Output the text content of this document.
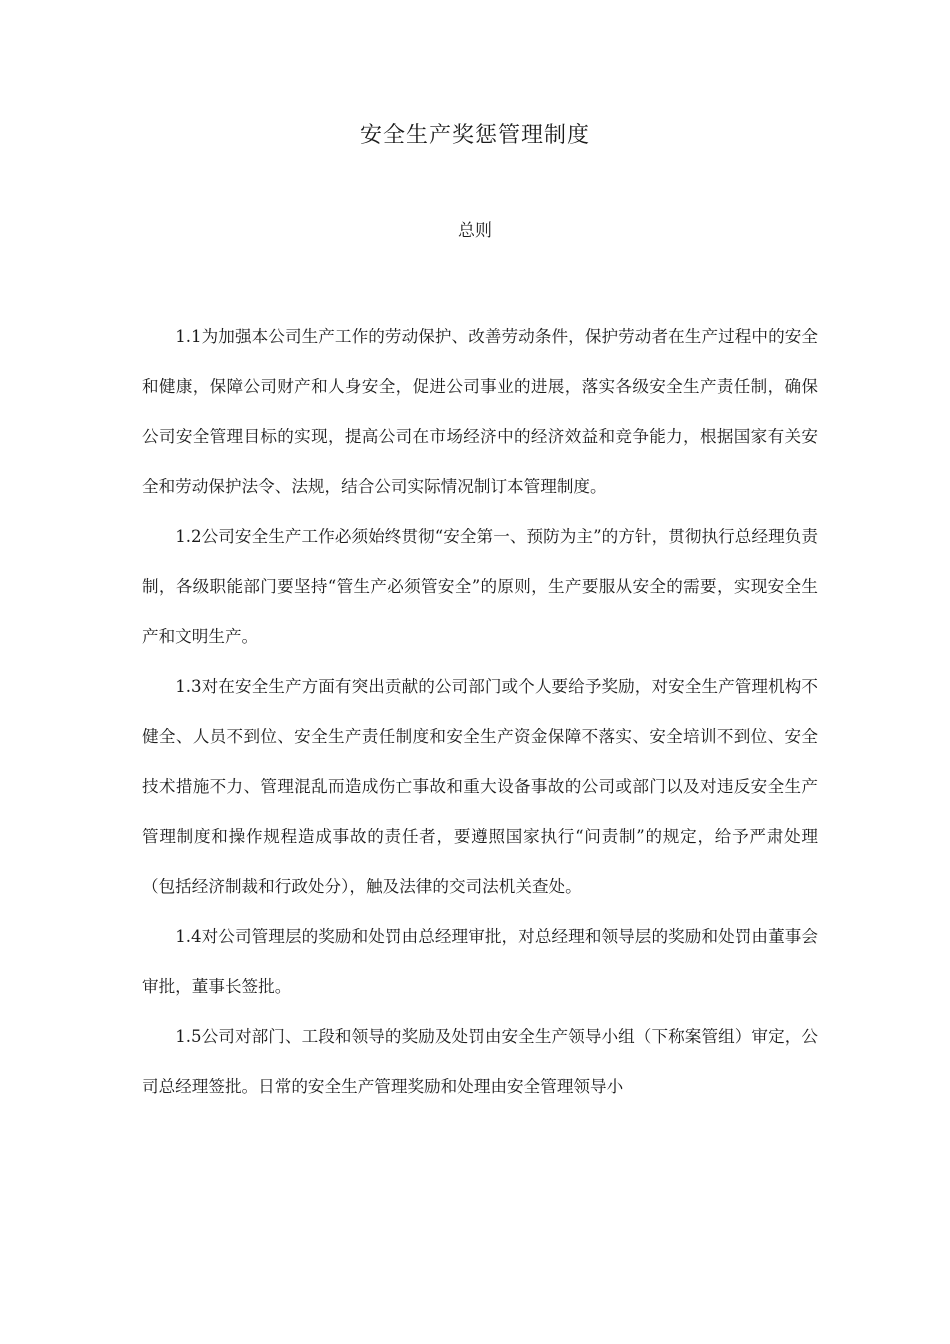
安全生产奖惩管理制度
总则

1.1为加强本公司生产工作的劳动保护、改善劳动条件，保护劳动者在生产过程中的安全和健康，保障公司财产和人身安全，促进公司事业的进展，落实各级安全生产责任制，确保公司安全管理目标的实现，提高公司在市场经济中的经济效益和竞争能力，根据国家有关安全和劳动保护法令、法规，结合公司实际情况制订本管理制度。

1.2公司安全生产工作必须始终贯彻“安全第一、预防为主”的方针，贯彻执行总经理负责制，各级职能部门要坚持“管生产必须管安全”的原则，生产要服从安全的需要，实现安全生产和文明生产。

1.3对在安全生产方面有突出贡献的公司部门或个人要给予奖励，对安全生产管理机构不健全、人员不到位、安全生产责任制度和安全生产资金保障不落实、安全培训不到位、安全技术措施不力、管理混乱而造成伤亡事故和重大设备事故的公司或部门以及对违反安全生产管理制度和操作规程造成事故的责任者，要遵照国家执行“问责制”的规定，给予严肃处理（包括经济制裁和行政处分），触及法律的交司法机关查处。

1.4对公司管理层的奖励和处罚由总经理审批，对总经理和领导层的奖励和处罚由董事会审批，董事长签批。

1.5公司对部门、工段和领导的奖励及处罚由安全生产领导小组（下称案管组）审定，公司总经理签批。日常的安全生产管理奖励和处理由安全管理领导小
